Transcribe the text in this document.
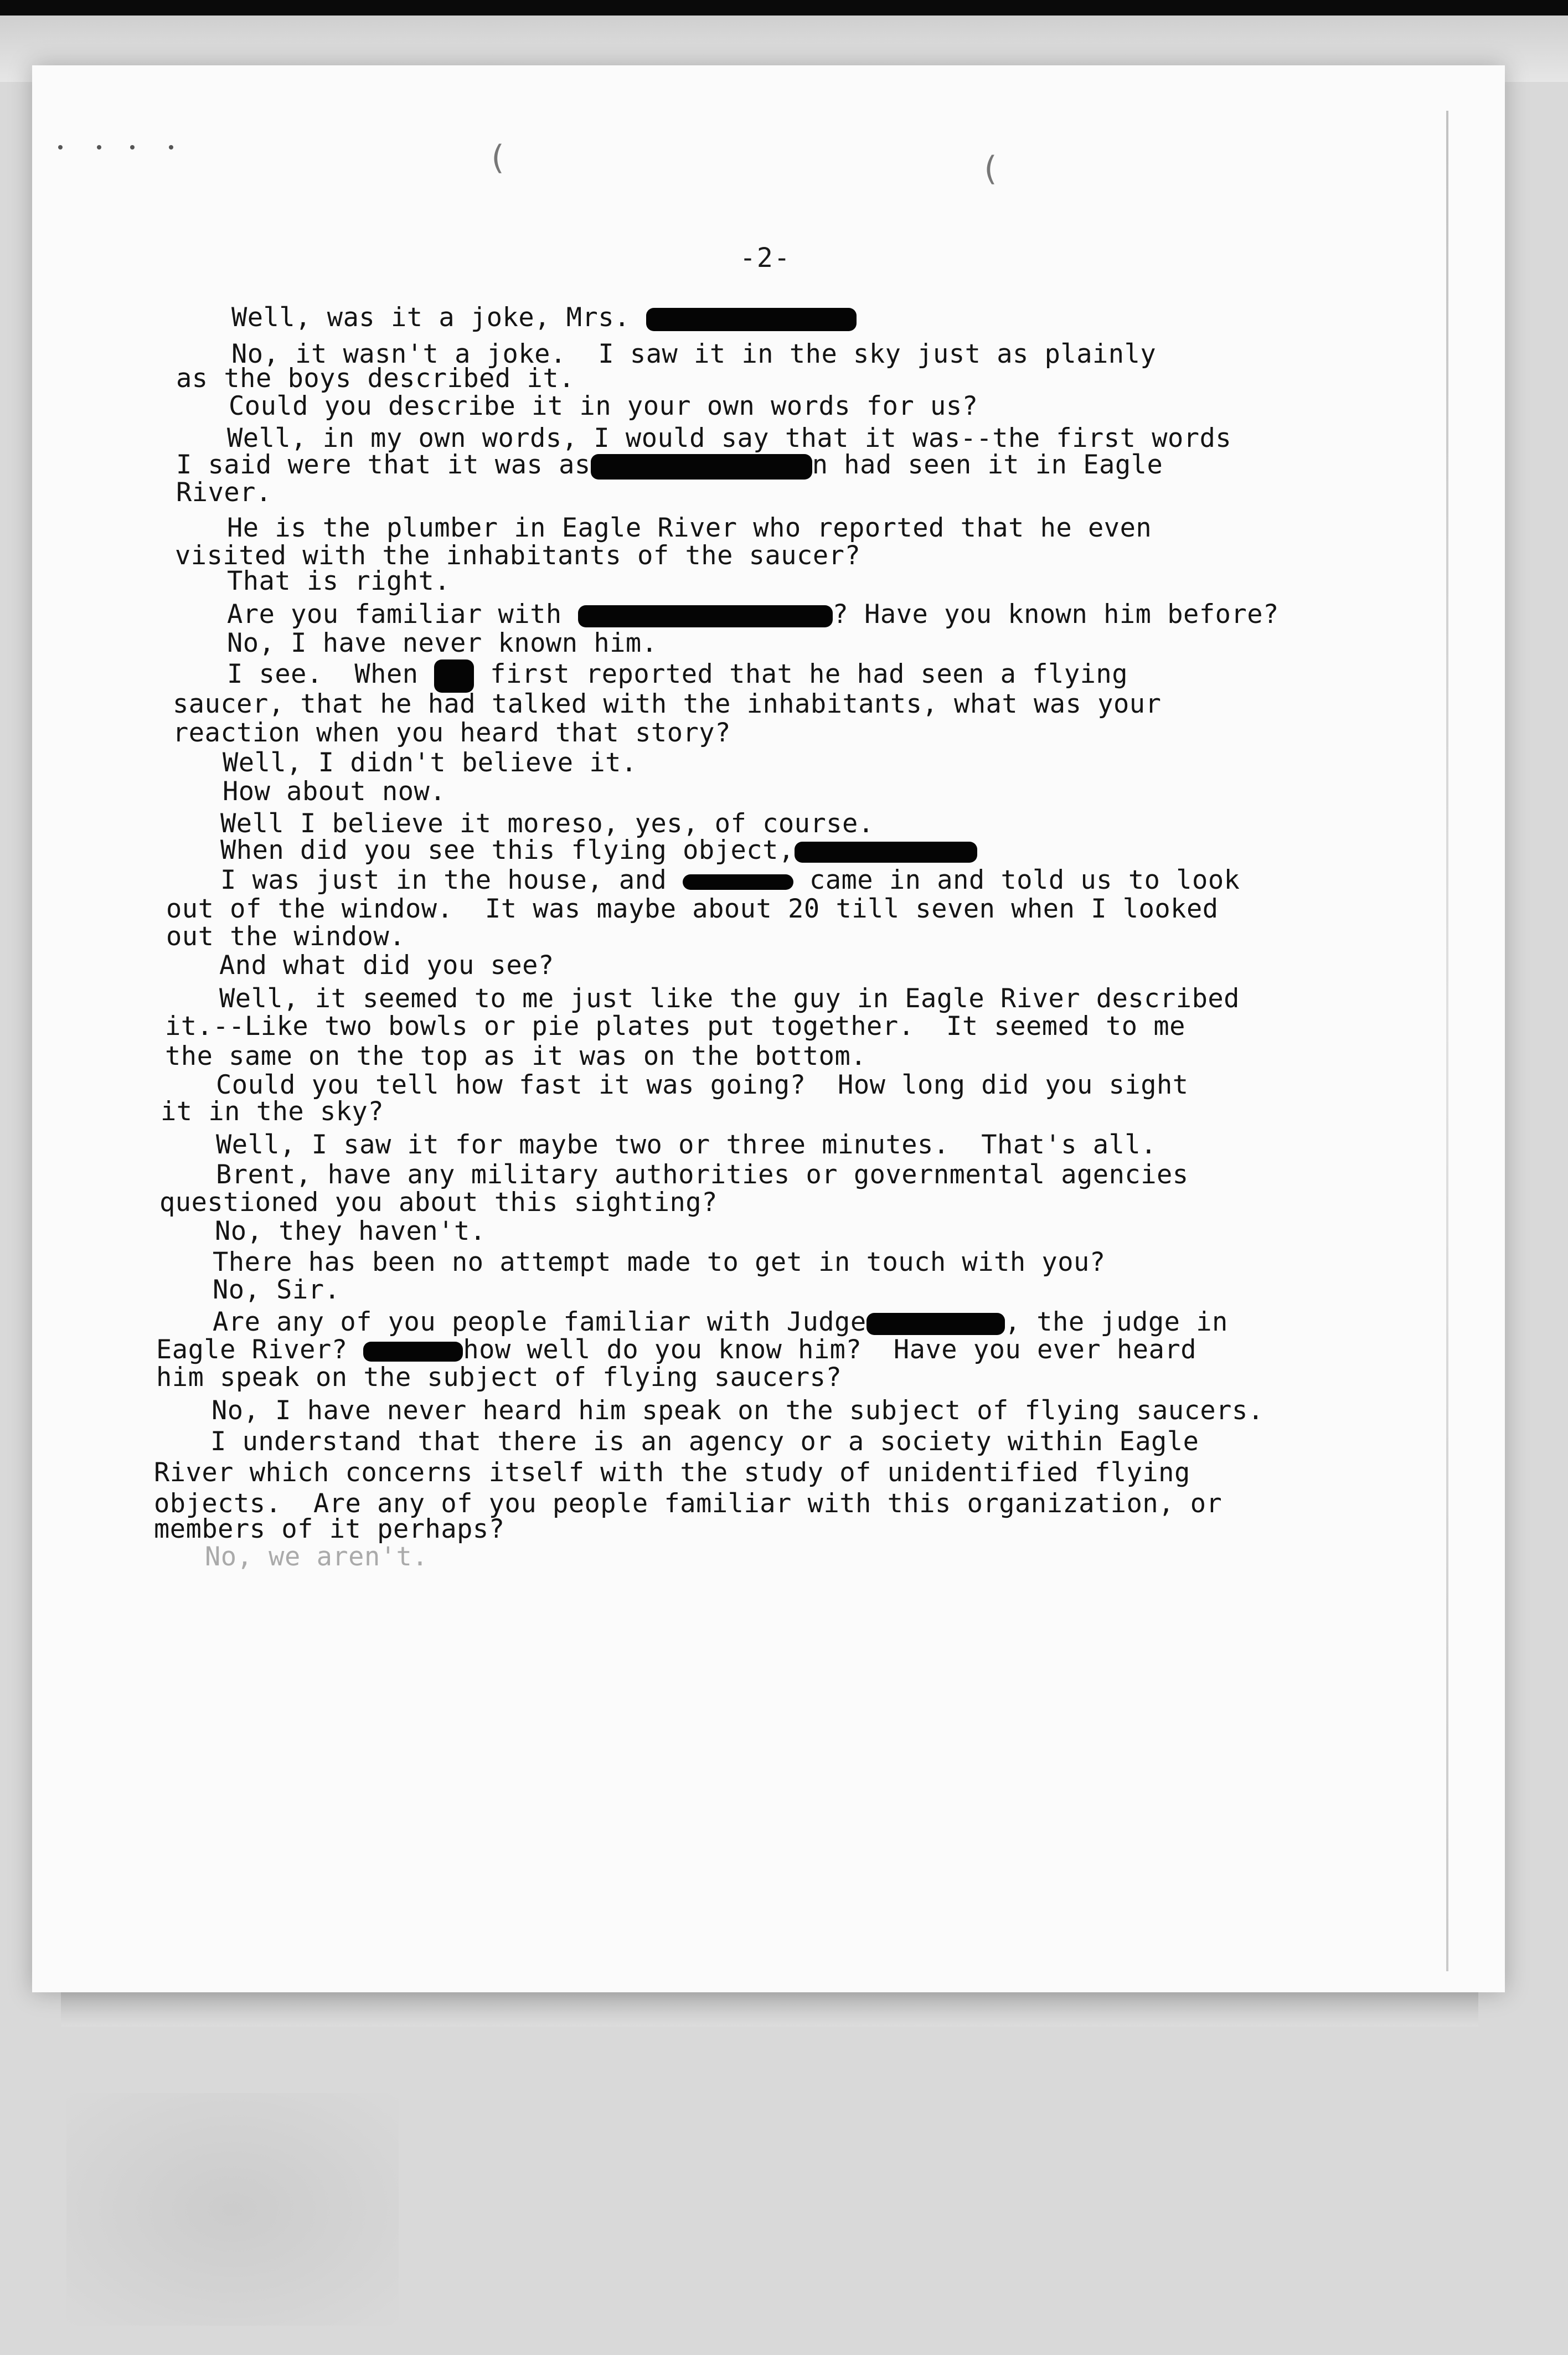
(	(
-2-
Well, was it a joke, Mrs.
No, it wasn't a joke.  I saw it in the sky just as plainly
as the boys described it.
Could you describe it in your own words for us?
Well, in my own words, I would say that it was--the first words
I said were that it was as	n had seen it in Eagle
River.
He is the plumber in Eagle River who reported that he even
visited with the inhabitants of the saucer?
That is right.
Are you familiar with	? Have you known him before?
No, I have never known him.
I see.  When	first reported that he had seen a flying
saucer, that he had talked with the inhabitants, what was your
reaction when you heard that story?
Well, I didn't believe it.
How about now.
Well I believe it moreso, yes, of course.
When did you see this flying object,
I was just in the house, and	came in and told us to look
out of the window.  It was maybe about 20 till seven when I looked
out the window.
And what did you see?
Well, it seemed to me just like the guy in Eagle River described
it.--Like two bowls or pie plates put together.  It seemed to me
the same on the top as it was on the bottom.
Could you tell how fast it was going?  How long did you sight
it in the sky?
Well, I saw it for maybe two or three minutes.  That's all.
Brent, have any military authorities or governmental agencies
questioned you about this sighting?
No, they haven't.
There has been no attempt made to get in touch with you?
No, Sir.
Are any of you people familiar with Judge	, the judge in
Eagle River?	how well do you know him?  Have you ever heard
him speak on the subject of flying saucers?
No, I have never heard him speak on the subject of flying saucers.
I understand that there is an agency or a society within Eagle
River which concerns itself with the study of unidentified flying
objects.  Are any of you people familiar with this organization, or
members of it perhaps?
No, we aren't.
